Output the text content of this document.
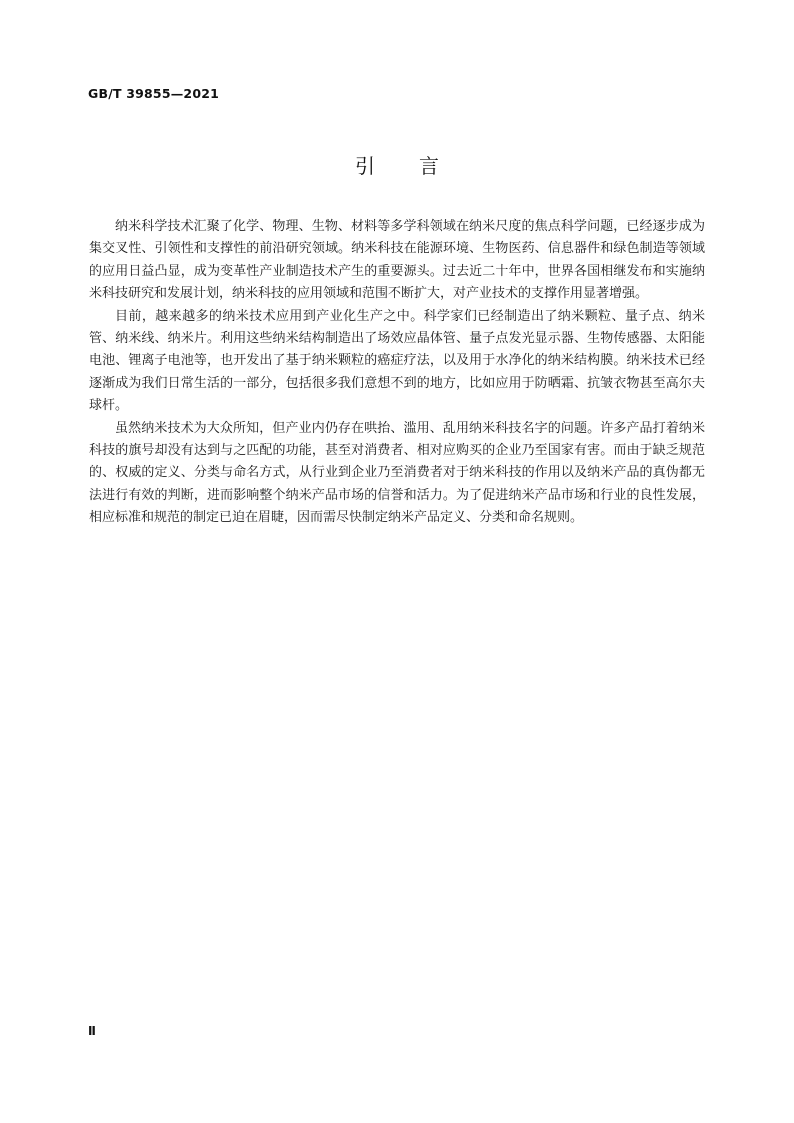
GB/T 39855—2021
引言

纳米科学技术汇聚了化学、物理、生物、材料等多学科领域在纳米尺度的焦点科学问题，已经逐步成为集交叉性、引领性和支撑性的前沿研究领域。纳米科技在能源环境、生物医药、信息器件和绿色制造等领域的应用日益凸显，成为变革性产业制造技术产生的重要源头。过去近二十年中，世界各国相继发布和实施纳米科技研究和发展计划，纳米科技的应用领域和范围不断扩大，对产业技术的支撑作用显著增强。

目前，越来越多的纳米技术应用到产业化生产之中。科学家们已经制造出了纳米颗粒、量子点、纳米管、纳米线、纳米片。利用这些纳米结构制造出了场效应晶体管、量子点发光显示器、生物传感器、太阳能电池、锂离子电池等，也开发出了基于纳米颗粒的癌症疗法，以及用于水净化的纳米结构膜。纳米技术已经逐渐成为我们日常生活的一部分，包括很多我们意想不到的地方，比如应用于防晒霜、抗皱衣物甚至高尔夫球杆。

虽然纳米技术为大众所知，但产业内仍存在哄抬、滥用、乱用纳米科技名字的问题。许多产品打着纳米科技的旗号却没有达到与之匹配的功能，甚至对消费者、相对应购买的企业乃至国家有害。而由于缺乏规范的、权威的定义、分类与命名方式，从行业到企业乃至消费者对于纳米科技的作用以及纳米产品的真伪都无法进行有效的判断，进而影响整个纳米产品市场的信誉和活力。为了促进纳米产品市场和行业的良性发展，相应标准和规范的制定已迫在眉睫，因而需尽快制定纳米产品定义、分类和命名规则。

Ⅱ
